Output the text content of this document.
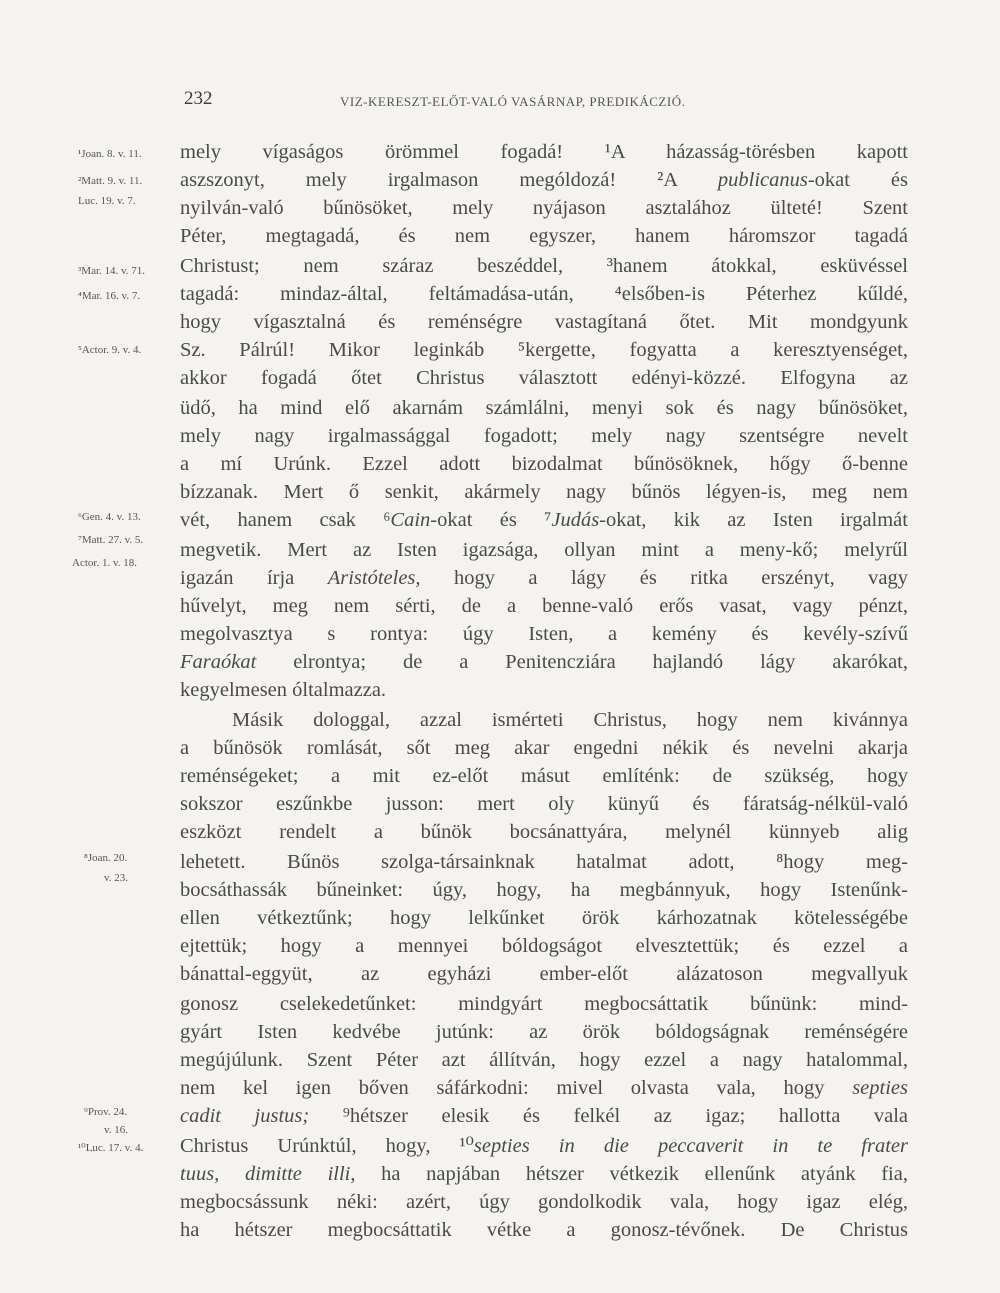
232	VIZ-KERESZT-ELŐT-VALÓ VASÁRNAP, PREDIKÁCZIÓ.
¹Joan. 8. v. 11.
²Matt. 9. v. 11.
Luc. 19. v. 7.
³Mar. 14. v. 71.
⁴Mar. 16. v. 7.
⁵Actor. 9. v. 4.
⁶Gen. 4. v. 13.
⁷Matt. 27. v. 5.
Actor. 1. v. 18.
⁸Joan. 20.
v. 23.
⁹Prov. 24.
v. 16.
¹⁰Luc. 17. v. 4.
mely vígaságos örömmel fogadá! ¹A házasság-törésben kapott
aszszonyt, mely irgalmason mególdozá! ²A publicanus-okat és
nyilván-való bűnösöket, mely nyájason asztalához ülteté! Szent
Péter, megtagadá, és nem egyszer, hanem háromszor tagadá
Christust; nem száraz beszéddel, ³hanem átokkal, esküvéssel
tagadá: mindaz-által, feltámadása-után, ⁴elsőben-is Péterhez kűldé,
hogy vígasztalná és reménségre vastagítaná őtet. Mit mondgyunk
Sz. Pálrúl! Mikor leginkáb ⁵kergette, fogyatta a keresztyenséget,
akkor fogadá őtet Christus választott edényi-közzé. Elfogyna az
üdő, ha mind elő akarnám számlálni, menyi sok és nagy bűnösöket,
mely nagy irgalmassággal fogadott; mely nagy szentségre nevelt
a mí Urúnk. Ezzel adott bizodalmat bűnösöknek, hőgy ő-benne
bízzanak. Mert ő senkit, akármely nagy bűnös légyen-is, meg nem
vét, hanem csak ⁶Cain-okat és ⁷Judás-okat, kik az Isten irgalmát
megvetik. Mert az Isten igazsága, ollyan mint a meny-kő; melyrűl
igazán írja Aristóteles, hogy a lágy és ritka erszényt, vagy
hűvelyt, meg nem sérti, de a benne-való erős vasat, vagy pénzt,
megolvasztya s rontya: úgy Isten, a kemény és kevély-szívű
Faraókat elrontya; de a Penitencziára hajlandó lágy akarókat,
kegyelmesen óltalmazza.
Másik dologgal, azzal ismérteti Christus, hogy nem kivánnya
a bűnösök romlását, sőt meg akar engedni nékik és nevelni akarja
reménségeket; a mit ez-előt másut említénk: de szükség, hogy
sokszor eszűnkbe jusson: mert oly künyű és fáratság-nélkül-való
eszközt rendelt a bűnök bocsánattyára, melynél künnyeb alig
lehetett. Bűnös szolga-társainknak hatalmat adott, ⁸hogy meg-
bocsáthassák bűneinket: úgy, hogy, ha megbánnyuk, hogy Istenűnk-
ellen vétkeztűnk; hogy lelkűnket örök kárhozatnak kötelességébe
ejtettük; hogy a mennyei bóldogságot elvesztettük; és ezzel a
bánattal-eggyüt, az egyházi ember-előt alázatoson megvallyuk
gonosz cselekedetűnket: mindgyárt megbocsáttatik bűnünk: mind-
gyárt Isten kedvébe jutúnk: az örök bóldogságnak reménségére
megújúlunk. Szent Péter azt állítván, hogy ezzel a nagy hatalommal,
nem kel igen bőven sáfárkodni: mivel olvasta vala, hogy septies
cadit justus; ⁹hétszer elesik és felkél az igaz; hallotta vala
Christus Urúnktúl, hogy, ¹⁰septies in die peccaverit in te frater
tuus, dimitte illi, ha napjában hétszer vétkezik ellenűnk atyánk fia,
megbocsássunk néki: azért, úgy gondolkodik vala, hogy igaz elég,
ha hétszer megbocsáttatik vétke a gonosz-tévőnek. De Christus
